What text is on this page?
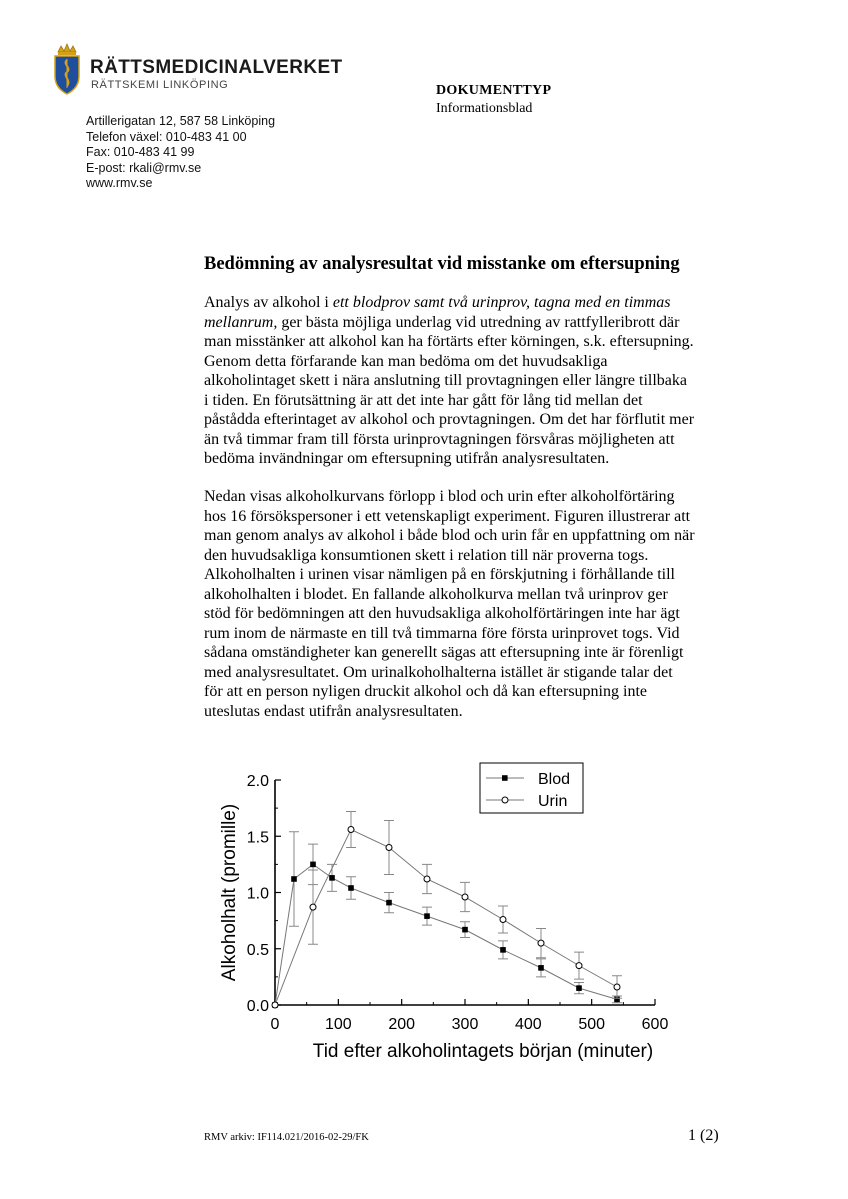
RÄTTSMEDICINALVERKET
RÄTTSKEMI LINKÖPING	DOKUMENTTYP
Informationsblad
Artillerigatan 12, 587 58 Linköping
Telefon växel: 010-483 41 00
Fax: 010-483 41 99
E-post: rkali@rmv.se
www.rmv.se
Bedömning av analysresultat vid misstanke om eftersupning
Analys av alkohol i ett blodprov samt två urinprov, tagna med en timmas
mellanrum, ger bästa möjliga underlag vid utredning av rattfylleribrott där
man misstänker att alkohol kan ha förtärts efter körningen, s.k. eftersupning.
Genom detta förfarande kan man bedöma om det huvudsakliga
alkoholintaget skett i nära anslutning till provtagningen eller längre tillbaka
i tiden. En förutsättning är att det inte har gått för lång tid mellan det
påstådda efterintaget av alkohol och provtagningen. Om det har förflutit mer
än två timmar fram till första urinprovtagningen försvåras möjligheten att
bedöma invändningar om eftersupning utifrån analysresultaten.
Nedan visas alkoholkurvans förlopp i blod och urin efter alkoholförtäring
hos 16 försökspersoner i ett vetenskapligt experiment. Figuren illustrerar att
man genom analys av alkohol i både blod och urin får en uppfattning om när
den huvudsakliga konsumtionen skett i relation till när proverna togs.
Alkoholhalten i urinen visar nämligen på en förskjutning i förhållande till
alkoholhalten i blodet. En fallande alkoholkurva mellan två urinprov ger
stöd för bedömningen att den huvudsakliga alkoholförtäringen inte har ägt
rum inom de närmaste en till två timmarna före första urinprovet togs. Vid
sådana omständigheter kan generellt sägas att eftersupning inte är förenligt
med analysresultatet. Om urinalkoholhalterna istället är stigande talar det
för att en person nyligen druckit alkohol och då kan eftersupning inte
uteslutas endast utifrån analysresultaten.
0.0
0.5
1.0
1.5
2.0
0	100 200 300 400 500 600
Tid efter alkoholintagets början (minuter)
Alkoholhalt (promille)
Blod
Urin
RMV arkiv: IF114.021/2016-02-29/FK	1 (2)
